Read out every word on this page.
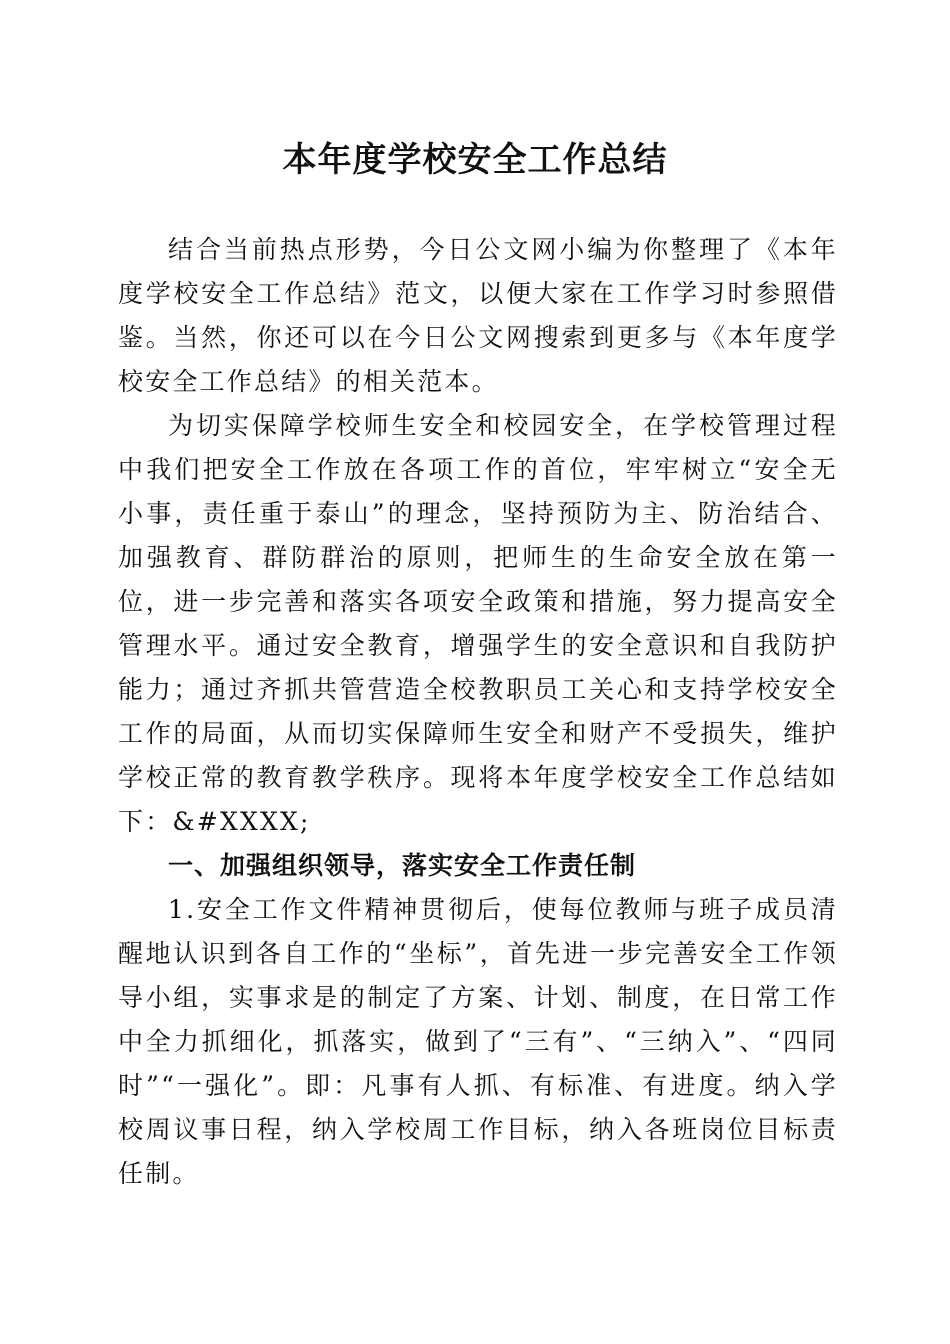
本年度学校安全工作总结

结合当前热点形势，今日公文网小编为你整理了《本年度学校安全工作总结》范文，以便大家在工作学习时参照借鉴。当然，你还可以在今日公文网搜索到更多与《本年度学校安全工作总结》的相关范本。

为切实保障学校师生安全和校园安全，在学校管理过程中我们把安全工作放在各项工作的首位，牢牢树立“安全无小事，责任重于泰山”的理念，坚持预防为主、防治结合、加强教育、群防群治的原则，把师生的生命安全放在第一位，进一步完善和落实各项安全政策和措施，努力提高安全管理水平。通过安全教育，增强学生的安全意识和自我防护能力；通过齐抓共管营造全校教职员工关心和支持学校安全工作的局面，从而切实保障师生安全和财产不受损失，维护学校正常的教育教学秩序。现将本年度学校安全工作总结如下：&#XXXX;

一、加强组织领导，落实安全工作责任制

1.安全工作文件精神贯彻后，使每位教师与班子成员清醒地认识到各自工作的“坐标”，首先进一步完善安全工作领导小组，实事求是的制定了方案、计划、制度，在日常工作中全力抓细化，抓落实，做到了“三有”、“三纳入”、“四同时”“一强化”。即：凡事有人抓、有标准、有进度。纳入学校周议事日程，纳入学校周工作目标，纳入各班岗位目标责任制。
